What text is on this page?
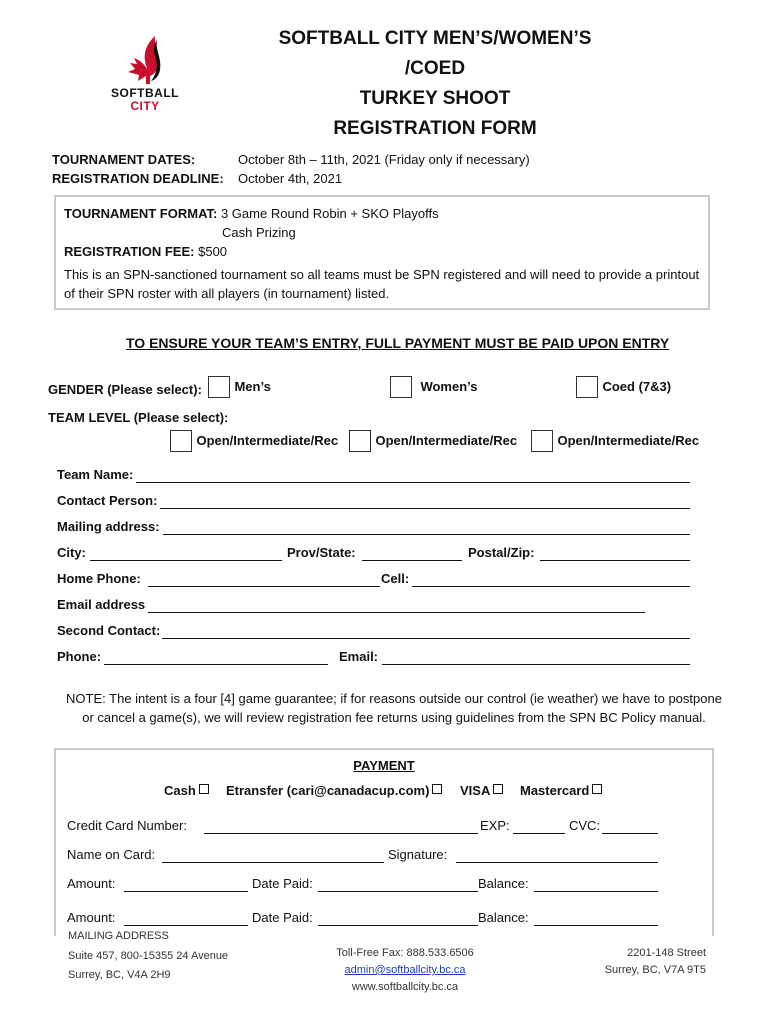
SOFTBALL
CITY
SOFTBALL CITY MEN’S/WOMEN’S
/COED
TURKEY SHOOT
REGISTRATION FORM
TOURNAMENT DATES:	October 8th – 11th, 2021 (Friday only if necessary)
REGISTRATION DEADLINE: October 4th, 2021
TOURNAMENT FORMAT: 3 Game Round Robin + SKO Playoffs
Cash Prizing
REGISTRATION FEE: $500
This is an SPN-sanctioned tournament so all teams must be SPN registered and will need to provide a printout of their SPN roster with all players (in tournament) listed.
TO ENSURE YOUR TEAM’S ENTRY, FULL PAYMENT MUST BE PAID UPON ENTRY
GENDER (Please select):	Men’s	Women’s	Coed (7&3)
TEAM LEVEL (Please select):
Open/Intermediate/Rec	Open/Intermediate/Rec	Open/Intermediate/Rec
Team Name:
Contact Person:
Mailing address:
City:	Prov/State:	Postal/Zip:
Home Phone:	Cell:
Email address
Second Contact:
Phone:	Email:
NOTE: The intent is a four [4] game guarantee; if for reasons outside our control (ie weather) we have to postpone or cancel a game(s), we will review registration fee returns using guidelines from the SPN BC Policy manual.
PAYMENT
Cash	Etransfer (cari@canadacup.com)	VISA	Mastercard
Credit Card Number:	EXP:	CVC:
Name on Card:	Signature:
Amount:	Date Paid:	Balance:
Amount:	Date Paid:	Balance:
MAILING ADDRESS
Suite 457, 800-15355 24 Avenue
Surrey, BC, V4A 2H9
Toll-Free Fax: 888.533.6506
admin@softballcity.bc.ca
www.softballcity.bc.ca
2201-148 Street
Surrey, BC, V7A 9T5
